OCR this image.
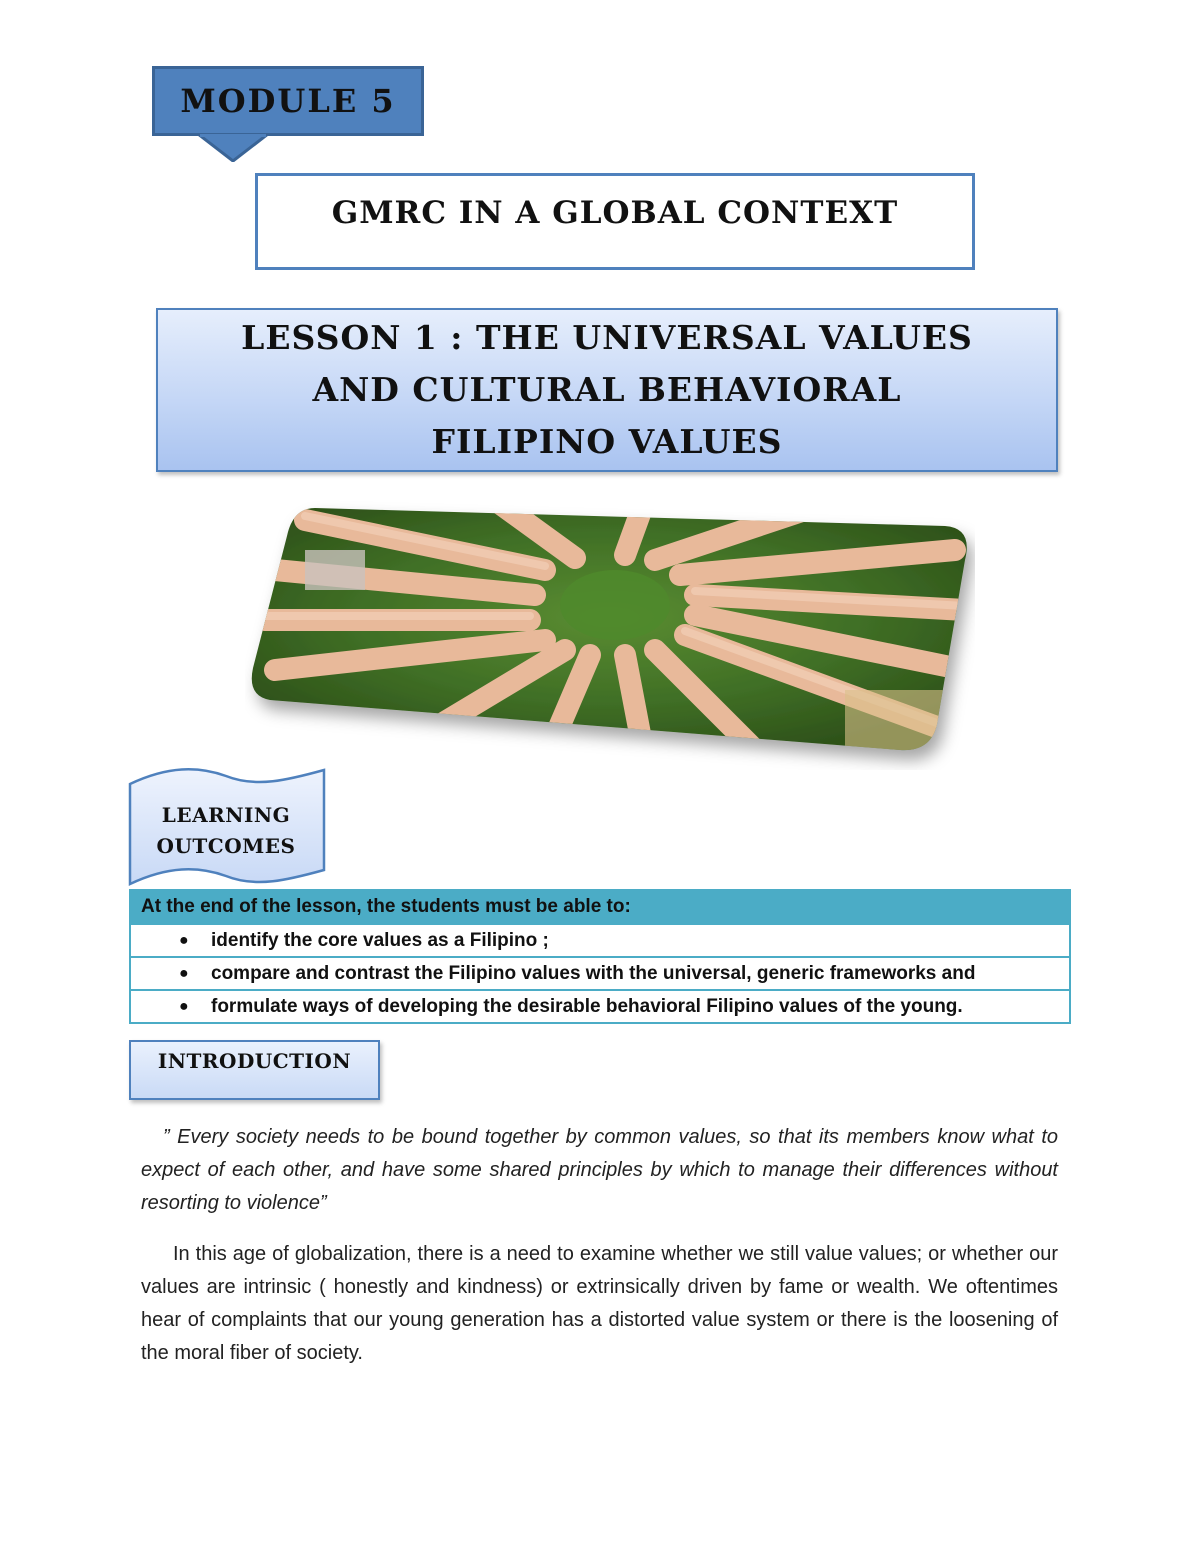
MODULE 5
GMRC IN A GLOBAL CONTEXT
LESSON 1 : THE UNIVERSAL VALUES
AND CULTURAL BEHAVIORAL
FILIPINO VALUES
LEARNING
OUTCOMES
At the end of the lesson, the students must be able to:
●	identify the core values as a Filipino ;
●	compare and contrast the Filipino values with the universal, generic frameworks and
●	formulate ways of developing the desirable behavioral Filipino values of the young.
INTRODUCTION
” Every society needs to be bound together by common values, so that its members know what to expect of each other, and have some shared principles by which to manage their differences without resorting to violence”
In this age of globalization, there is a need to examine whether we still value values; or whether our values are intrinsic ( honestly and kindness) or extrinsically driven by fame or wealth. We oftentimes hear of complaints that our young generation has a distorted value system or there is the loosening of the moral fiber of society.
